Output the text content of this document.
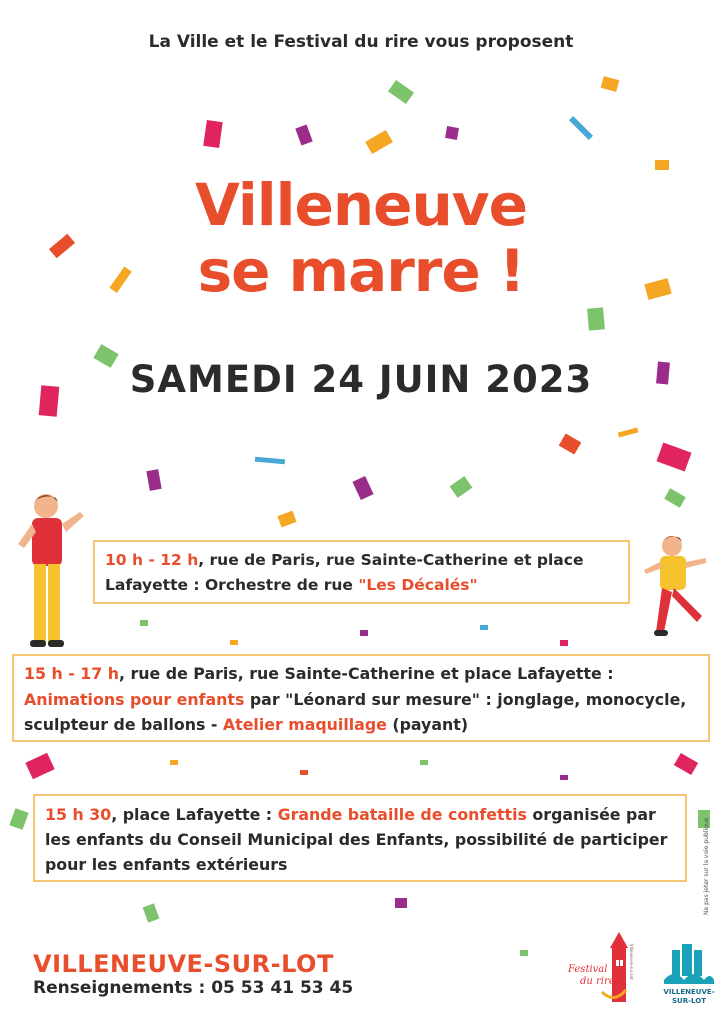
La Ville et le Festival du rire vous proposent
Villeneuve
se marre !
SAMEDI 24 JUIN 2023
10 h - 12 h, rue de Paris, rue Sainte-Catherine et place Lafayette : Orchestre de rue "Les Décalés"
15 h - 17 h, rue de Paris, rue Sainte-Catherine et place Lafayette : Animations pour enfants par "Léonard sur mesure" : jonglage, monocycle, sculpteur de ballons - Atelier maquillage (payant)
15 h 30, place Lafayette : Grande bataille de confettis organisée par les enfants du Conseil Municipal des Enfants, possibilité de participer pour les enfants extérieurs	Ne pas jeter sur la voie publique
VILLENEUVE-SUR-LOT
Renseignements : 05 53 41 53 45
Festival
du rire
Villeneuve-sur-Lot
VILLENEUVE-SUR-LOT
